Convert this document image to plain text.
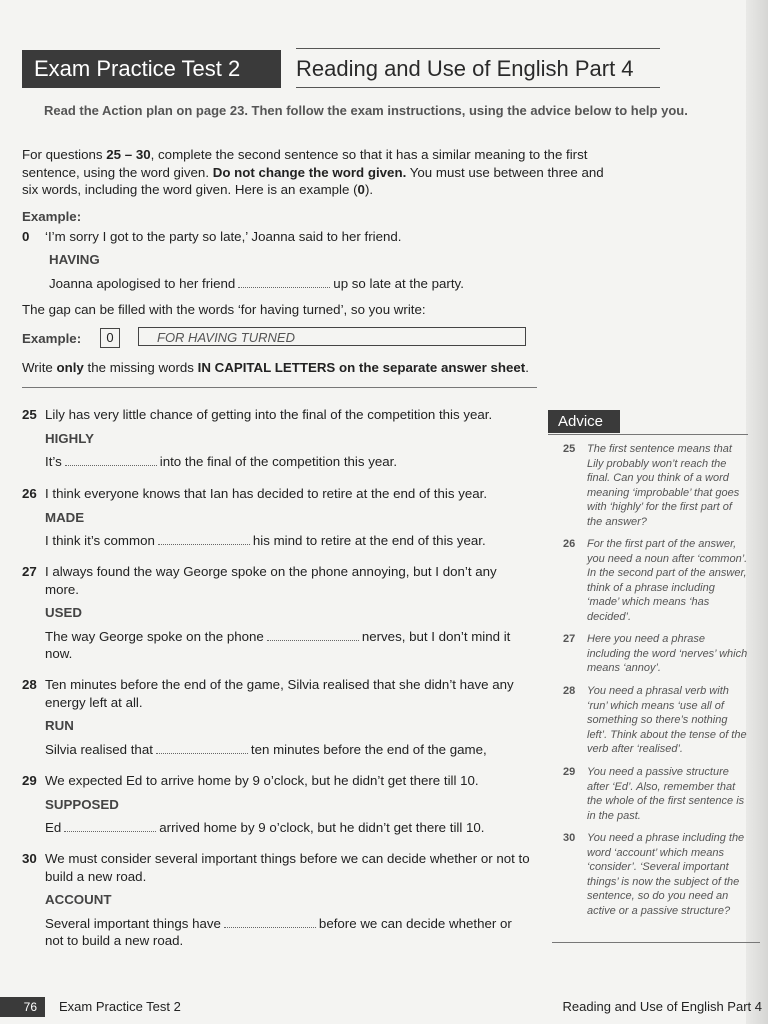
Exam Practice Test 2	Reading and Use of English Part 4
Read the Action plan on page 23. Then follow the exam instructions, using the advice below to help you.
For questions 25 – 30, complete the second sentence so that it has a similar meaning to the first sentence, using the word given. Do not change the word given. You must use between three and six words, including the word given. Here is an example (0).
Example:
0 ‘I’m sorry I got to the party so late,’ Joanna said to her friend.
HAVING
Joanna apologised to her friend	up so late at the party.
The gap can be filled with the words ‘for having turned’, so you write:
Example:	0	FOR HAVING TURNED
Write only the missing words IN CAPITAL LETTERS on the separate answer sheet.
25 Lily has very little chance of getting into the final of the competition this year.
HIGHLY
It’s	into the final of the competition this year.
26 I think everyone knows that Ian has decided to retire at the end of this year.
MADE
I think it’s common	his mind to retire at the end of this year.
27 I always found the way George spoke on the phone annoying, but I don’t any more.
USED
The way George spoke on the phone	nerves, but I don’t mind it now.
28 Ten minutes before the end of the game, Silvia realised that she didn’t have any energy left at all.
RUN
Silvia realised that	ten minutes before the end of the game,
29 We expected Ed to arrive home by 9 o’clock, but he didn’t get there till 10.
SUPPOSED
Ed	arrived home by 9 o’clock, but he didn’t get there till 10.
30 We must consider several important things before we can decide whether or not to build a new road.
ACCOUNT
Several important things have	before we can decide whether or not to build a new road.
Advice
25 The first sentence means that Lily probably won’t reach the final. Can you think of a word meaning ‘improbable’ that goes with ‘highly’ for the first part of the answer?
26 For the first part of the answer, you need a noun after ‘common’. In the second part of the answer, think of a phrase including ‘made’ which means ‘has decided’.
27 Here you need a phrase including the word ‘nerves’ which means ‘annoy’.
28 You need a phrasal verb with ‘run’ which means ‘use all of something so there’s nothing left’. Think about the tense of the verb after ‘realised’.
29 You need a passive structure after ‘Ed’. Also, remember that the whole of the first sentence is in the past.
30 You need a phrase including the word ‘account’ which means ‘consider’. ‘Several important things’ is now the subject of the sentence, so do you need an active or a passive structure?
76	Exam Practice Test 2	Reading and Use of English Part 4
